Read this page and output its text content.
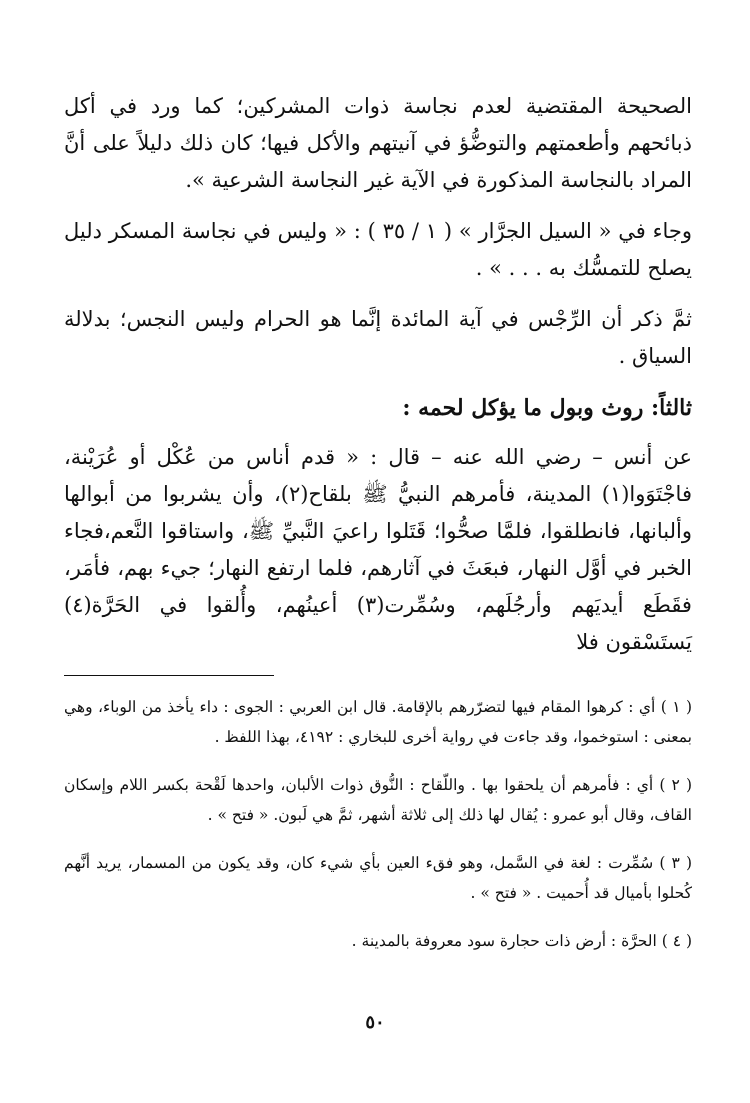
الصحيحة المقتضية لعدم نجاسة ذوات المشركين؛ كما ورد في أكل ذبائحهم وأطعمتهم والتوضُّؤ في آنيتهم والأكل فيها؛ كان ذلك دليلاً على أنَّ المراد بالنجاسة المذكورة في الآية غير النجاسة الشرعية ».

وجاء في « السيل الجرَّار » ( ١ / ٣٥ ) : « وليس في نجاسة المسكر دليل يصلح للتمسُّك به . . . » .

ثمَّ ذكر أن الرِّجْس في آية المائدة إنَّما هو الحرام وليس النجس؛ بدلالة السياق .

ثالثاً: روث وبول ما يؤكل لحمه :

عن أنس – رضي الله عنه – قال : « قدم أناس من عُكْل أو عُرَيْنة، فاجْتَوَوا(١) المدينة، فأمرهم النبيُّ ﷺ بلقاح(٢)، وأن يشربوا من أبوالها وألبانها، فانطلقوا، فلمَّا صحُّوا؛ قَتَلوا راعيَ النَّبيِّ ﷺ، واستاقوا النَّعم،فجاء الخبر في أوَّل النهار، فبعَثَ في آثارهم، فلما ارتفع النهار؛ جيء بهم، فأمَر، فقَطَع أيديَهم وأرجُلَهم، وسُمِّرت(٣) أعينُهم، وأُلقوا في الحَرَّة(٤) يَستَسْقون فلا

( ١ ) أي : كرهوا المقام فيها لتضرّرهم بالإقامة. قال ابن العربي : الجوى : داء يأخذ من الوباء، وهي بمعنى : استوخموا، وقد جاءت في رواية أخرى للبخاري : ٤١٩٢، بهذا اللفظ .

( ٢ ) أي : فأمرهم أن يلحقوا بها . واللّقاح : النُّوق ذوات الألبان، واحدها لَقْحة بكسر اللام وإسكان القاف، وقال أبو عمرو : يُقال لها ذلك إلى ثلاثة أشهر، ثمَّ هي لَبون. « فتح » .

( ٣ ) سُمِّرت : لغة في السَّمل، وهو فقء العين بأي شيء كان، وقد يكون من المسمار، يريد أنَّهم كُحلوا بأميال قد أُحميت . « فتح » .

( ٤ ) الحرَّة : أرض ذات حجارة سود معروفة بالمدينة .

٥٠
